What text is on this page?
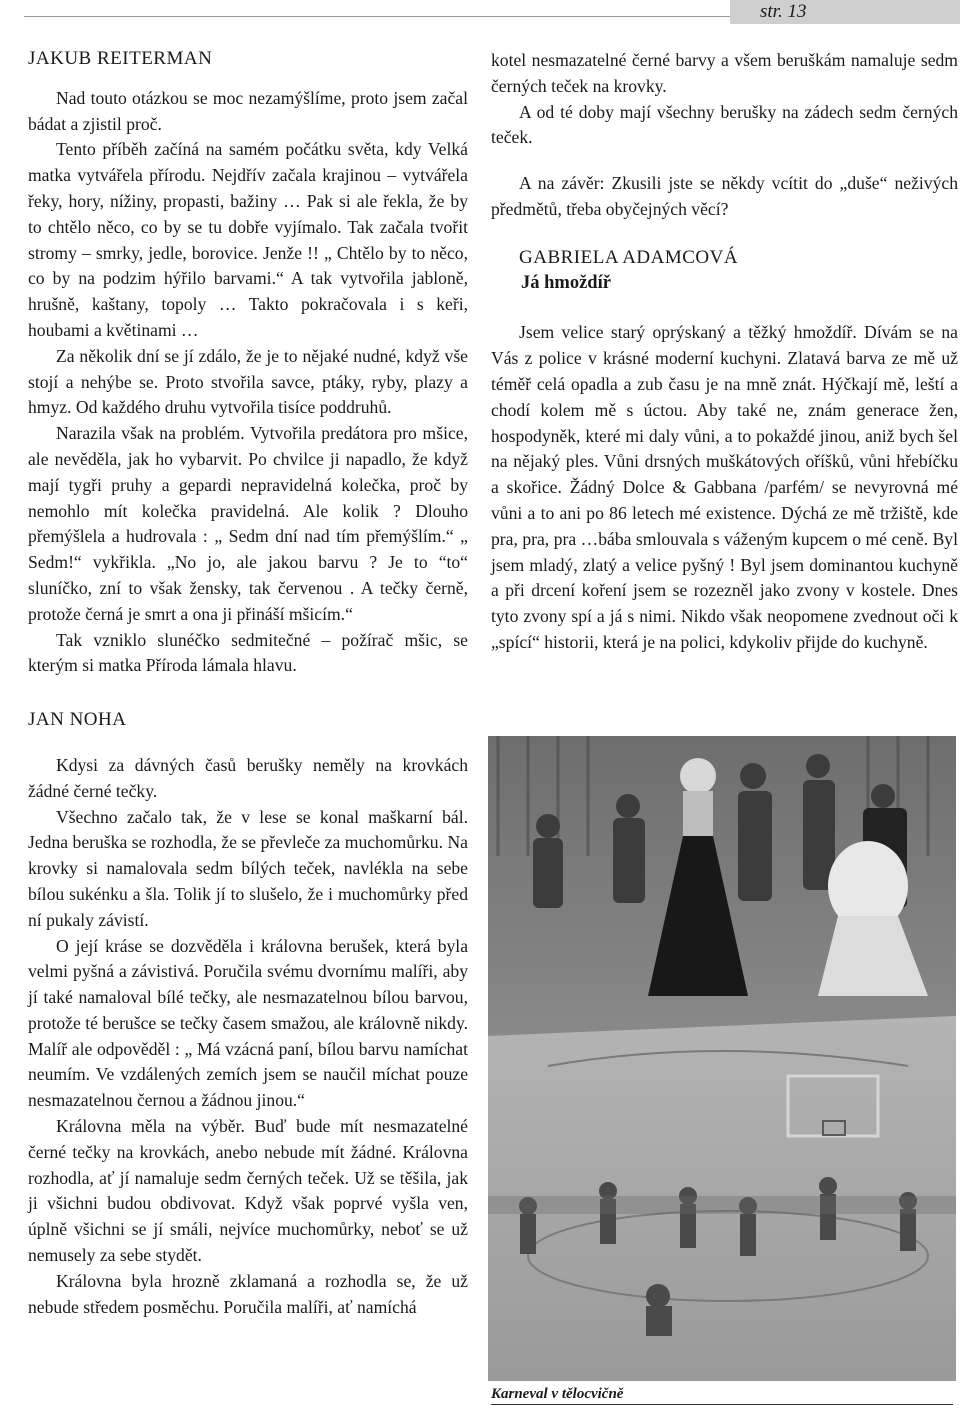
str. 13

JAKUB REITERMAN

Nad touto otázkou se moc nezamýšlíme, proto jsem začal bádat a zjistil proč.

Tento příběh začíná na samém počátku světa, kdy Velká matka vytvářela přírodu. Nejdřív začala krajinou – vytvářela řeky, hory, nížiny, propasti, bažiny … Pak si ale řekla, že by to chtělo něco, co by se tu dobře vyjímalo. Tak začala tvořit stromy – smrky, jedle, borovice. Jenže !! „ Chtělo by to něco, co by na podzim hýřilo barvami.“ A tak vytvořila jabloně, hrušně, kaštany, topoly … Takto pokračovala i s keři, houbami a květinami …

Za několik dní se jí zdálo, že je to nějaké nudné, když vše stojí a nehýbe se. Proto stvořila savce, ptáky, ryby, plazy a hmyz. Od každého druhu vytvořila tisíce poddruhů.

Narazila však na problém. Vytvořila predátora pro mšice, ale nevěděla, jak ho vybarvit. Po chvilce ji napadlo, že když mají tygři pruhy a gepardi nepravidelná kolečka, proč by nemohlo mít kolečka pravidelná. Ale kolik ? Dlouho přemýšlela a hudrovala : „ Sedm dní nad tím přemýšlím.“ „ Sedm!“ vykřikla. „No jo, ale jakou barvu ? Je to “to“ sluníčko, zní to však žensky, tak červenou . A tečky černě, protože černá je smrt a ona ji přináší mšicím.“

Tak vzniklo slunéčko sedmitečné – požírač mšic, se kterým si matka Příroda lámala hlavu.

JAN NOHA

Kdysi za dávných časů berušky neměly na krovkách žádné černé tečky.

Všechno začalo tak, že v lese se konal maškarní bál. Jedna beruška se rozhodla, že se převleče za muchomůrku. Na krovky si namalovala sedm bílých teček, navlékla na sebe bílou sukénku a šla. Tolik jí to slušelo, že i muchomůrky před ní pukaly závistí.

O její kráse se dozvěděla i královna berušek, která byla velmi pyšná a závistivá. Poručila svému dvornímu malíři, aby jí také namaloval bílé tečky, ale nesmazatelnou bílou barvou, protože té berušce se tečky časem smažou, ale královně nikdy. Malíř ale odpověděl : „ Má vzácná paní, bílou barvu namíchat neumím. Ve vzdálených zemích jsem se naučil míchat pouze nesmazatelnou černou a žádnou jinou.“

Královna měla na výběr. Buď bude mít nesmazatelné černé tečky na krovkách, anebo nebude mít žádné. Královna rozhodla, ať jí namaluje sedm černých teček. Už se těšila, jak ji všichni budou obdivovat. Když však poprvé vyšla ven, úplně všichni se jí smáli, nejvíce muchomůrky, neboť se už nemusely za sebe stydět.

Královna byla hrozně zklamaná a rozhodla se, že už nebude středem posměchu. Poručila malíři, ať namíchá

kotel nesmazatelné černé barvy a všem beruškám namaluje sedm černých teček na krovky.

A od té doby mají všechny berušky na zádech sedm černých teček.

A na závěr: Zkusili jste se někdy vcítit do „duše“ neživých předmětů, třeba obyčejných věcí?

GABRIELA ADAMCOVÁ

Já hmoždíř

Jsem velice starý oprýskaný a těžký hmoždíř. Dívám se na Vás z police v krásné moderní kuchyni. Zlatavá barva ze mě už téměř celá opadla a zub času je na mně znát. Hýčkají mě, leští a chodí kolem mě s úctou. Aby také ne, znám generace žen, hospodyněk, které mi daly vůni, a to pokaždé jinou, aniž bych šel na nějaký ples. Vůni drsných muškátových oříšků, vůni hřebíčku a skořice. Žádný Dolce & Gabbana /parfém/ se nevyrovná mé vůni a to ani po 86 letech mé existence. Dýchá ze mě tržiště, kde pra, pra, pra …bába smlouvala s váženým kupcem o mé ceně. Byl jsem mladý, zlatý a velice pyšný ! Byl jsem dominantou kuchyně a při drcení koření jsem se rozezněl jako zvony v kostele. Dnes tyto zvony spí a já s nimi. Nikdo však neopomene zvednout oči k „spící“ historii, která je na polici, kdykoliv přijde do kuchyně.

Karneval v tělocvičně
